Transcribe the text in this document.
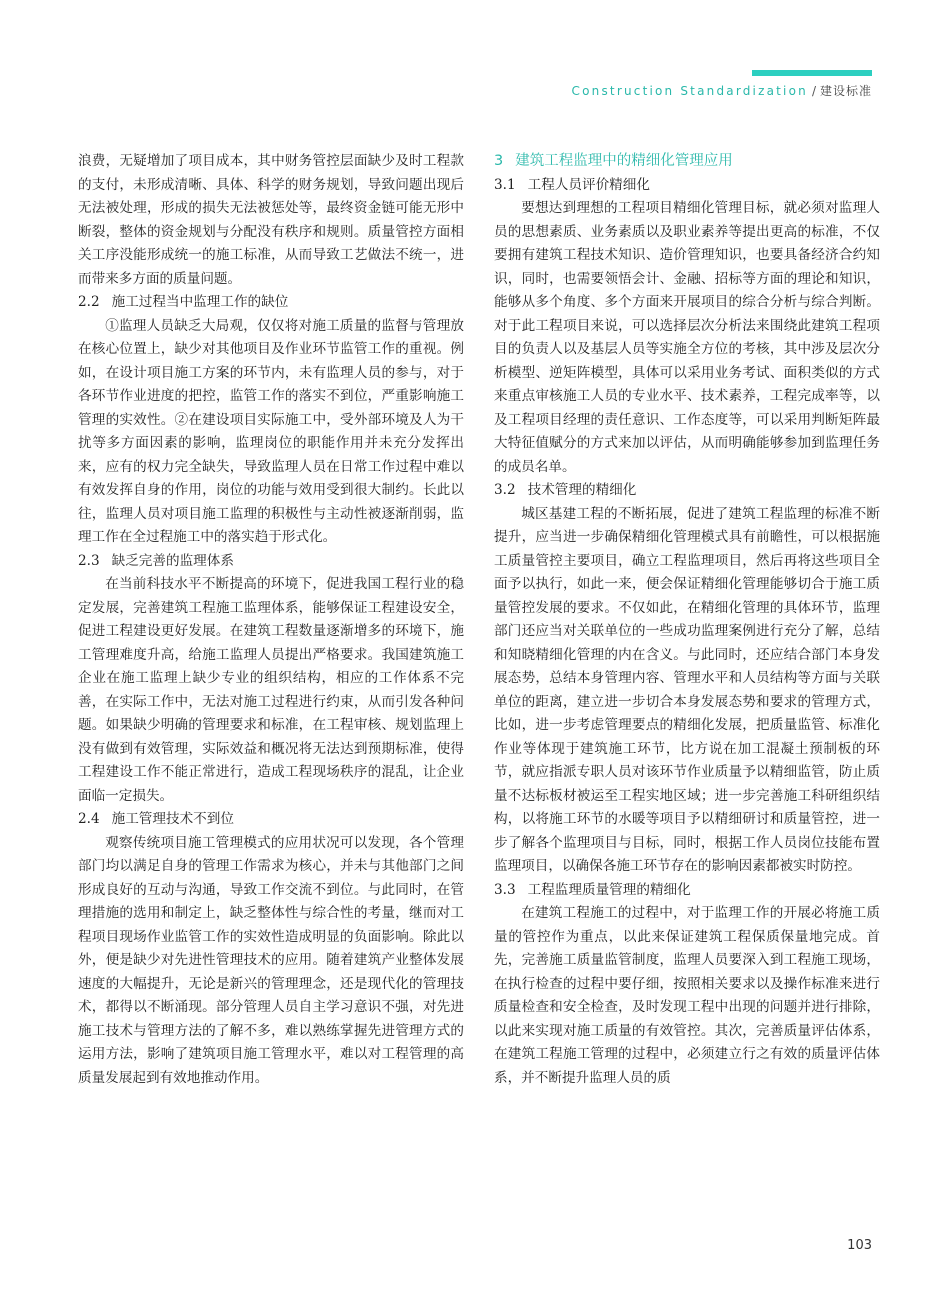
Construction Standardization / 建设标准

浪费，无疑增加了项目成本，其中财务管控层面缺少及时工程款的支付，未形成清晰、具体、科学的财务规划，导致问题出现后无法被处理，形成的损失无法被惩处等，最终资金链可能无形中断裂，整体的资金规划与分配没有秩序和规则。质量管控方面相关工序没能形成统一的施工标准，从而导致工艺做法不统一，进而带来多方面的质量问题。

2.2 施工过程当中监理工作的缺位

①监理人员缺乏大局观，仅仅将对施工质量的监督与管理放在核心位置上，缺少对其他项目及作业环节监管工作的重视。例如，在设计项目施工方案的环节内，未有监理人员的参与，对于各环节作业进度的把控，监管工作的落实不到位，严重影响施工管理的实效性。②在建设项目实际施工中，受外部环境及人为干扰等多方面因素的影响，监理岗位的职能作用并未充分发挥出来，应有的权力完全缺失，导致监理人员在日常工作过程中难以有效发挥自身的作用，岗位的功能与效用受到很大制约。长此以往，监理人员对项目施工监理的积极性与主动性被逐渐削弱，监理工作在全过程施工中的落实趋于形式化。

2.3 缺乏完善的监理体系

在当前科技水平不断提高的环境下，促进我国工程行业的稳定发展，完善建筑工程施工监理体系，能够保证工程建设安全，促进工程建设更好发展。在建筑工程数量逐渐增多的环境下，施工管理难度升高，给施工监理人员提出严格要求。我国建筑施工企业在施工监理上缺少专业的组织结构，相应的工作体系不完善，在实际工作中，无法对施工过程进行约束，从而引发各种问题。如果缺少明确的管理要求和标准，在工程审核、规划监理上没有做到有效管理，实际效益和概况将无法达到预期标准，使得工程建设工作不能正常进行，造成工程现场秩序的混乱，让企业面临一定损失。

2.4 施工管理技术不到位

观察传统项目施工管理模式的应用状况可以发现，各个管理部门均以满足自身的管理工作需求为核心，并未与其他部门之间形成良好的互动与沟通，导致工作交流不到位。与此同时，在管理措施的选用和制定上，缺乏整体性与综合性的考量，继而对工程项目现场作业监管工作的实效性造成明显的负面影响。除此以外，便是缺少对先进性管理技术的应用。随着建筑产业整体发展速度的大幅提升，无论是新兴的管理理念，还是现代化的管理技术，都得以不断涌现。部分管理人员自主学习意识不强，对先进施工技术与管理方法的了解不多，难以熟练掌握先进管理方式的运用方法，影响了建筑项目施工管理水平，难以对工程管理的高质量发展起到有效地推动作用。

3 建筑工程监理中的精细化管理应用
3.1 工程人员评价精细化

要想达到理想的工程项目精细化管理目标，就必须对监理人员的思想素质、业务素质以及职业素养等提出更高的标准，不仅要拥有建筑工程技术知识、造价管理知识，也要具备经济合约知识，同时，也需要领悟会计、金融、招标等方面的理论和知识，能够从多个角度、多个方面来开展项目的综合分析与综合判断。对于此工程项目来说，可以选择层次分析法来围绕此建筑工程项目的负责人以及基层人员等实施全方位的考核，其中涉及层次分析模型、逆矩阵模型，具体可以采用业务考试、面积类似的方式来重点审核施工人员的专业水平、技术素养，工程完成率等，以及工程项目经理的责任意识、工作态度等，可以采用判断矩阵最大特征值赋分的方式来加以评估，从而明确能够参加到监理任务的成员名单。

3.2 技术管理的精细化

城区基建工程的不断拓展，促进了建筑工程监理的标准不断提升，应当进一步确保精细化管理模式具有前瞻性，可以根据施工质量管控主要项目，确立工程监理项目，然后再将这些项目全面予以执行，如此一来，便会保证精细化管理能够切合于施工质量管控发展的要求。不仅如此，在精细化管理的具体环节，监理部门还应当对关联单位的一些成功监理案例进行充分了解，总结和知晓精细化管理的内在含义。与此同时，还应结合部门本身发展态势，总结本身管理内容、管理水平和人员结构等方面与关联单位的距离，建立进一步切合本身发展态势和要求的管理方式，比如，进一步考虑管理要点的精细化发展，把质量监管、标准化作业等体现于建筑施工环节，比方说在加工混凝土预制板的环节，就应指派专职人员对该环节作业质量予以精细监管，防止质量不达标板材被运至工程实地区域；进一步完善施工科研组织结构，以将施工环节的水暖等项目予以精细研讨和质量管控，进一步了解各个监理项目与目标，同时，根据工作人员岗位技能布置监理项目，以确保各施工环节存在的影响因素都被实时防控。

3.3 工程监理质量管理的精细化

在建筑工程施工的过程中，对于监理工作的开展必将施工质量的管控作为重点，以此来保证建筑工程保质保量地完成。首先，完善施工质量监管制度，监理人员要深入到工程施工现场，在执行检查的过程中要仔细，按照相关要求以及操作标准来进行质量检查和安全检查，及时发现工程中出现的问题并进行排除，以此来实现对施工质量的有效管控。其次，完善质量评估体系，在建筑工程施工管理的过程中，必须建立行之有效的质量评估体系，并不断提升监理人员的质

103
